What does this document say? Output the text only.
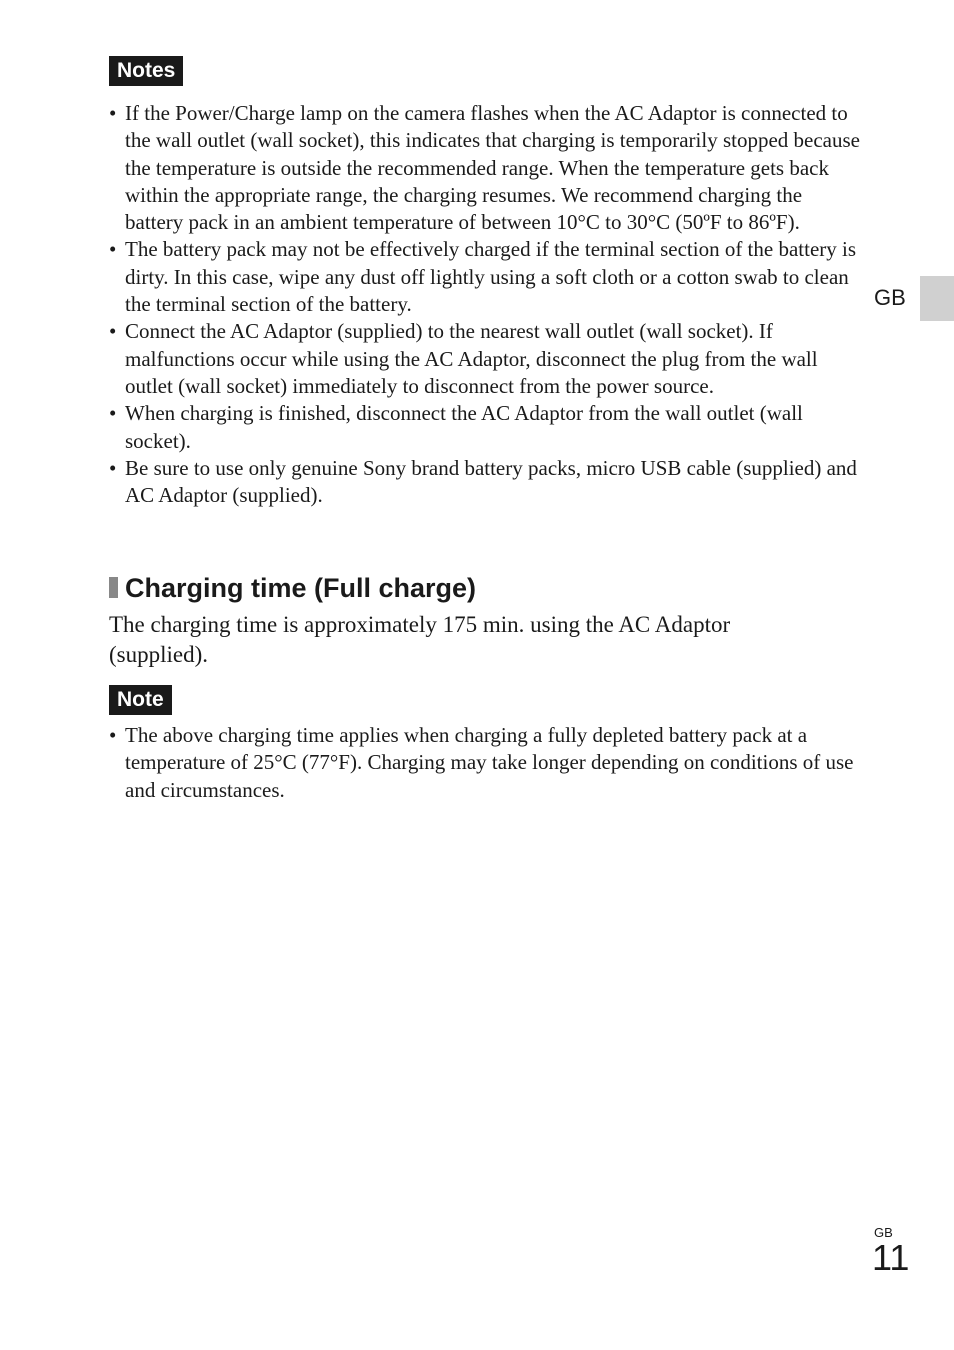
Notes
• If the Power/Charge lamp on the camera flashes when the AC Adaptor is connected to the wall outlet (wall socket), this indicates that charging is temporarily stopped because the temperature is outside the recommended range. When the temperature gets back within the appropriate range, the charging resumes. We recommend charging the battery pack in an ambient temperature of between 10°C to 30°C (50ºF to 86ºF).
• The battery pack may not be effectively charged if the terminal section of the battery is dirty. In this case, wipe any dust off lightly using a soft cloth or a cotton swab to clean the terminal section of the battery.
• Connect the AC Adaptor (supplied) to the nearest wall outlet (wall socket). If malfunctions occur while using the AC Adaptor, disconnect the plug from the wall outlet (wall socket) immediately to disconnect from the power source.
• When charging is finished, disconnect the AC Adaptor from the wall outlet (wall socket).
• Be sure to use only genuine Sony brand battery packs, micro USB cable (supplied) and AC Adaptor (supplied).
Charging time (Full charge)

The charging time is approximately 175 min. using the AC Adaptor (supplied).

Note
• The above charging time applies when charging a fully depleted battery pack at a temperature of 25°C (77°F). Charging may take longer depending on conditions of use and circumstances.
GB
GB
11
